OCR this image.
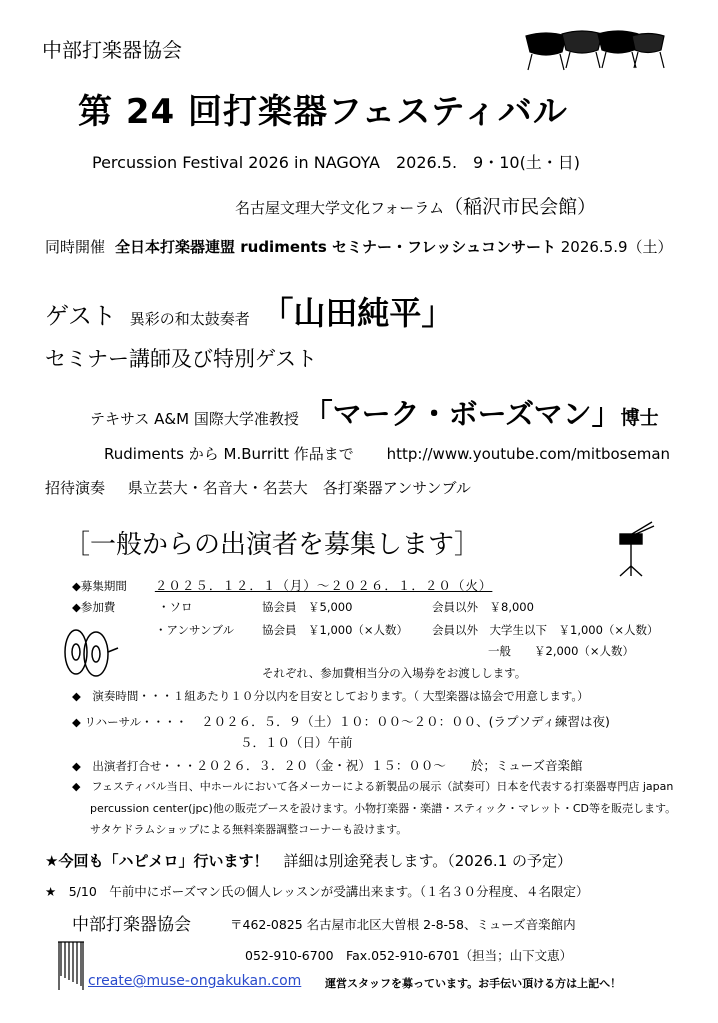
中部打楽器協会
第 24 回打楽器フェスティバル
Percussion Festival 2026 in NAGOYA　2026.5.　9・10(土・日)
名古屋文理大学文化フォーラム（稲沢市民会館）
同時開催 全日本打楽器連盟 rudiments セミナー・フレッシュコンサート 2026.5.9（土）
ゲスト 異彩の和太鼓奏者 「山田純平」
セミナー講師及び特別ゲスト
テキサス A&M 国際大学准教授 「マーク・ボーズマン」博士
Rudiments から M.Burritt 作品まで http://www.youtube.com/mitboseman
招待演奏 県立芸大・名音大・名芸大　各打楽器アンサンブル
［一般からの出演者を募集します］
◆募集期間 ２０２５．１２．１（月）～２０２６．１．２０（火）
◆参加費	・ソロ	協会員　￥5,000	会員以外　￥8,000
・アンサンブル 協会員　￥1,000（×人数） 会員以外　大学生以下　￥1,000（×人数）
一般　　￥2,000（×人数）
それぞれ、参加費相当分の入場券をお渡しします。
◆　演奏時間・・・１組あたり１０分以内を目安としております。（ 大型楽器は協会で用意します。）
◆ リハーサル・・・・ ２０２６．５．９（土）１０：００～２０：００、(ラプソディ練習は夜)
５．１０（日）午前
◆　出演者打合せ・・・２０２６．３．２０（金・祝）１５：００～　　於；ミューズ音楽館
◆　フェスティバル当日、中ホールにおいて各メーカーによる新製品の展示（試奏可）日本を代表する打楽器専門店 japan
percussion center(jpc)他の販売ブースを設けます。小物打楽器・楽譜・スティック・マレット・CD等を販売します。
サタケドラムショップによる無料楽器調整コーナーも設けます。
★今回も「ハピメロ」行います！　詳細は別途発表します。（2026.1 の予定）
★　5/10　午前中にボーズマン氏の個人レッスンが受講出来ます。（１名３０分程度、４名限定）
中部打楽器協会	〒462-0825 名古屋市北区大曽根 2-8-58、ミューズ音楽館内
052-910-6700　Fax.052-910-6701（担当；山下文恵）
create@muse-ongakukan.com 運営スタッフを募っています。お手伝い頂ける方は上記へ！
